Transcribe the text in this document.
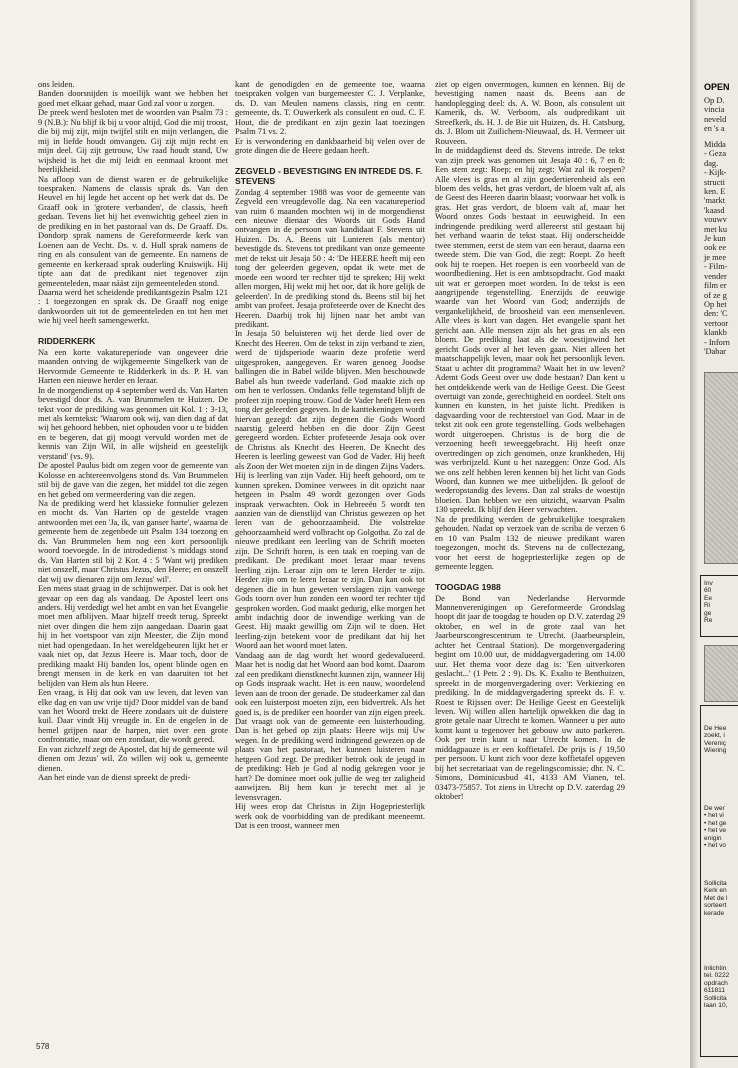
ons leiden.

Banden doorsnijden is moeilijk want we hebben het goed met elkaar gehad, maar God zal voor u zorgen.

De preek werd besloten met de woorden van Psalm 73 : 9 (N.B.): Nu blijf ik bij u voor altijd, God die mij troost, die bij mij zijt, mijn twijfel stilt en mijn verlangen, die mij in liefde houdt omvangen. Gij zijt mijn recht en mijn deel. Gij zijt getrouw, Uw raad houdt stand, Uw wijsheid is het die mij leidt en eenmaal kroont met heerlijkheid.

Na afloop van de dienst waren er de gebruikelijke toespraken. Namens de classis sprak ds. Van den Heuvel en hij legde het accent op het werk dat ds. De Graaff ook in 'grotere verbanden', de classis, heeft gedaan. Tevens liet hij het evenwichtig geheel zien in de prediking en in het pastoraal van ds. De Graaff. Ds. Dondorp sprak namens de Gereformeerde kerk van Loenen aan de Vecht. Ds. v. d. Hull sprak namens de ring en als consulent van de gemeente. En namens de gemeente en kerkeraad sprak ouderling Kruiswijk. Hij tipte aan dat de predikant niet tegenover zijn gemeenteleden, maar náást zijn gemeenteleden stond.

Daarna werd het scheidende predikantsgezin Psalm 121 : 1 toegezongen en sprak ds. De Graaff nog enige dankwoorden uit tot de gemeenteleden en tot hen met wie hij veel heeft samengewerkt.

RIDDERKERK

Na een korte vakatureperiode van ongeveer drie maanden ontving de wijkgemeente Singelkerk van de Hervormde Gemeente te Ridderkerk in ds. P. H. van Harten een nieuwe herder en leraar.

In de morgendienst op 4 september werd ds. Van Harten bevestigd door ds. A. van Brummelen te Huizen. De tekst voor de prediking was genomen uit Kol. 1 : 3-13, met als kerntekst: 'Waarom ook wij, van dien dag af dat wij het gehoord hebben, niet ophouden voor u te bidden en te begeren, dat gij moogt vervuld worden met de kennis van Zijn Wil, in alle wijsheid en geestelijk verstand' (vs. 9).

De apostel Paulus bidt om zegen voor de gemeente van Kolosse en achtereenvolgens stond ds. Van Brummelen stil bij de gave van die zegen, het middel tot die zegen en het gebed om vermeerdering van die zegen.

Na de prediking werd het klassieke formulier gelezen en mocht ds. Van Harten op de gestelde vragen antwoorden met een 'Ja, ik, van ganser harte', waarna de gemeente hem de zegenbede uit Psalm 134 toezong en ds. Van Brummelen hem nog een kort persoonlijk woord toevoegde. In de introdedienst 's middags stond ds. Van Harten stil bij 2 Kor. 4 : 5 'Want wij prediken niet onszelf, maar Christus Jezus, den Heere; en onszelf dat wij uw dienaren zijn om Jezus' wil'.

Een mens staat graag in de schijnwerper. Dat is ook het gevaar op een dag als vandaag. De Apostel leert ons anders. Hij verdedigt wel het ambt en van het Evangelie moet men afblijven. Maar hijzelf treedt terug. Spreekt niet over dingen die hem zijn aangedaan. Daarin gaat hij in het voetspoor van zijn Meester, die Zijn mond niet had opengedaan. In het wereldgebeuren lijkt het er vaak niet op, dat Jezus Heere is. Maar toch, door de prediking maakt Hij banden los, opent blinde ogen en brengt mensen in de kerk en van daaruiten tot het belijden van Hem als hun Heere.

Een vraag, is Hij dat ook van uw leven, dat leven van elke dag en van uw vrije tijd? Door middel van de band van het Woord trekt de Heere zondaars uit de duistere kuil. Daar vindt Hij vreugde in. En de engelen in de hemel grijpen naar de harpen, niet over een grote confrontatie, maar om een zondaar, die wordt gered.

En van zichzelf zegt de Apostel, dat hij de gemeente wil dienen om Jezus' wil. Zo willen wij ook u, gemeente dienen.

Aan het einde van de dienst spreekt de predi-

kant de genodigden en de gemeente toe, waarna toespraken volgen van burgemeester C. J. Verplanke, ds. D. van Meulen namens classis, ring en centr. gemeente, ds. T. Ouwerkerk als consulent en oud. C. F. Hout, die de predikant en zijn gezin laat toezingen Psalm 71 vs. 2.

Er is verwondering en dankbaarheid bij velen over de grote dingen die de Heere gedaan heeft.

ZEGVELD - BEVESTIGING EN INTREDE DS. F. STEVENS

Zondag 4 september 1988 was voor de gemeente van Zegveld een vreugdevolle dag. Na een vacatureperiod van ruim 6 maanden mochten wij in de morgendienst een nieuwe dienaar des Woords uit Gods Hand ontvangen in de persoon van kandidaat F. Stevens uit Huizen. Ds. A. Beens uit Lunteren (als mentor) bevestigde ds. Stevens tot predikant van onze gemeente met de tekst uit Jesaja 50 : 4: 'De HEERE heeft mij een tong der geleerden gegeven, opdat ik wete met de moede een woord ter rechter tijd te spreken; Hij wekt allen morgen, Hij wekt mij het oor, dat ik hore gelijk de geleerden'. In de prediking stond ds. Beens stil bij het ambt van profeet. Jesaja profeteerde over de Knecht des Heeren. Daarbij trok hij lijnen naar het ambt van predikant.

In Jesaja 50 beluisteren wij het derde lied over de Knecht des Heeren. Om de tekst in zijn verband te zien, werd de tijdsperiode waarin deze profetie werd uitgesproken, aangegeven. Er waren genoeg Joodse ballingen die in Babel wilde blijven. Men beschouwde Babel als hun tweede vaderland. God maakte zich op om hen te verlossen. Ondanks felle tegenstand blijft de profeet zijn roeping trouw. God de Vader heeft Hem een tong der geleerden gegeven. In de kanttekeningen wordt hiervan gezegd: dat zijn degenen die Gods Woord naarstig geleerd hebben en die door Zijn Geest geregeerd worden. Echter profeteerde Jesaja ook over de Christus als Knecht des Heeren. De Knecht des Heeren is leerling geweest van God de Vader. Hij heeft als Zoon der Wet moeten zijn in de dingen Zijns Vaders. Hij is leerling van zijn Vader. Hij heeft gehoord, om te kunnen spreken. Dominee verwees in dit opzicht naar hetgeen in Psalm 49 wordt gezongen over Gods inspraak verwachten. Ook in Hebreeën 5 wordt ten aanzien van de dienstlijd van Christus gewezen op het leren van de gehoorzaamheid. Die volstrekte gehoorzaamheid werd volbracht op Golgotha. Zo zal de nieuwe predikant een leerling van de Schrift moeten zijn. De Schrift horen, is een taak en roeping van de predikant. De predikant moet leraar maar tevens leerling zijn. Leraar zijn om te leren Herder te zijn. Herder zijn om te leren leraar te zijn. Dan kan ook tot degenen die in hun geweten verslagen zijn vanwege Gods toorn over hun zonden een woord ter rechter tijd gesproken worden. God maakt gedurig, elke morgen het ambt indachtig door de inwendige werking van de Geest. Hij maakt gewillig om Zijn wil te doen. Het leerling-zijn betekent voor de predikant dat hij het Woord aan het woord moet laten.

Vandaag aan de dag wordt het woord gedevalueerd. Maar het is nodig dat het Woord aan bod komt. Daarom zal een predikant dienstknecht kunnen zijn, wanneer Hij op Gods inspraak wacht. Het is een nauw, woordelend leven aan de troon der genade. De studeerkamer zal dan ook een luisterpost moeten zijn, een bidvertrek. Als het goed is, is de prediker een hoorder van zijn eigen preek. Dat vraagt ook van de gemeente een luisterhouding. Dan is het gebed op zijn plaats: Heere wijs mij Uw wegen. In de prediking werd indringend gewezen op de plaats van het pastoraat, het kunnen luisteren naar hetgeen God zegt. De prediker betrok ook de jeugd in de prediking: Heb je God al nodig gekregen voor je hart? De dominee moet ook jullie de weg ter zaligheid aanwijzen. Bij hem kun je terecht met al je levensvragen.

Hij wees erop dat Christus in Zijn Hogepriesterlijk werk ook de voorbidding van de predikant meeneemt. Dat is een troost, wanneer men

ziet op eigen onvermogen, kunnen en kennen. Bij de bevestiging namen naast ds. Beens aan de handoplegging deel: ds. A. W. Boon, als consulent uit Kamerik, ds. W. Verboom, als oudpredikant uit Streefkerk, ds. H. J. de Bie uit Huizen, ds. H. Catsburg, ds. J. Blom uit Zuilichem-Nieuwaal, ds. H. Vermeer uit Rouveen.

In de middagdienst deed ds. Stevens intrede. De tekst van zijn preek was genomen uit Jesaja 40 : 6, 7 en 8: Een stem zegt: Roep; en hij zegt: Wat zal ik roepen? Alle vlees is gras en al zijn goedertierenheid als een bloem des velds, het gras verdort, de bloem valt af, als de Geest des Heeren daarin blaast; voorwaar het volk is gras. Het gras verdort, de bloem valt af, maar het Woord onzes Gods bestaat in eeuwigheid. In een indringende prediking werd allereerst stil gestaan bij het verband waarin de tekst staat. Hij onderscheidde twee stemmen, eerst de stem van een heraut, daarna een tweede stem. Die van God, die zegt: Roept. Zo heeft ook hij te roepen. Het roepen is een voorbeeld van de woordbediening. Het is een ambtsopdracht. God maakt uit wat er geroepen moet worden. In de tekst is een aangrijpende tegenstelling. Enerzijds de eeuwige waarde van het Woord van God; anderzijds de vergankelijkheid, de broosheid van een mensenleven. Alle vlees is kort van dagen. Het evangelie spant het gericht aan. Alle mensen zijn als het gras en als een bloem. De prediking laat als de woestijnwind het gericht Gods over al het leven gaan. Niet alleen het maatschappelijk leven, maar ook het persoonlijk leven. Staat u achter dit programma? Waait het in uw leven? Ademt Gods Geest over uw dode bestaan? Dan kent u het ontdekkende werk van de Heilige Geest. Die Geest overtuigt van zonde, gerechtigheid en oordeel. Stelt ons kunnen en kunsten, in het juiste licht. Prediken is dagvaarding voor de rechterstoel van God. Maar in de tekst zit ook een grote tegenstelling. Gods welbehagen wordt uitgeroepen. Christus is de borg die de verzoening heeft teweeggebracht. Hij heeft onze overtredingen op zich genomen, onze krankheden, Hij was verbrijzeld. Kunt u het nazeggen: Onze God. Als we ons zelf hebben leren kennen bij het licht van Gods Woord, dan kunnen we mee uitbelijden. Ik geloof de wederopstandig des levens. Dan zal straks de woestijn bloeien. Dan hebben we een uitzicht, waarvan Psalm 130 spreekt. Ik blijf den Heer verwachten.

Na de prediking werden de gebruikelijke toespraken gehouden. Nadat op verzoek van de scriba de verzen 6 en 10 van Psalm 132 de nieuwe predikant waren toegezongen, mocht ds. Stevens na de collectezang, voor het eerst de hogepriesterlijke zegen op de gemeente leggen.

TOOGDAG 1988

De Bond van Nederlandse Hervormde Mannenverenigingen op Gereformeerde Grondslag hoopt dit jaar de toogdag te houden op D.V. zaterdag 29 oktober, en wel in de grote zaal van het Jaarbeurscongrescentrum te Utrecht. (Jaarbeursplein, achter het Centraal Station). De morgenvergadering begint om 10.00 uur, de middagvergadering om 14.00 uur. Het thema voor deze dag is: 'Een uitverkoren geslacht...' (1 Petr. 2 : 9). Ds. K. Exalto te Benthuizen, spreekt in de morgenvergadering over: Verkiezing en prediking. In de middagvergadering spreekt ds. F. v. Roest te Rijssen over: De Heilige Geest en Geestelijk leven. Wij willen allen hartelijk opwekken die dag in grote getale naar Utrecht te komen. Wanneer u per auto komt kunt u tegenover het gebouw uw auto parkeren. Ook per trein kunt u naar Utrecht komen. In de middagpauze is er een koffietafel. De prijs is ƒ 19,50 per persoon. U kunt zich voor deze koffietafel opgeven bij het secretariaat van de regelingscomissie; dhr. N. C. Simons, Dominicusbud 41, 4133 AM Vianen, tel. 03473-75857. Tot ziens in Utrecht op D.V. zaterdag 29 oktober!

578
OPEN
Op D.
vincia
neveld
en 's a
Midda
- Geza
dag.
- Kijk-
structi
ken. E
'markt
'kaasd
vouwv
met ku
Je kun
ook ee
je mee
- Film-
vender
film er
of ze g
Op het
den: 'C
vertoor
klankb
- Inforn
'Dabar
Inv
60
Ee
Ri
ge
Re
De Hee
zoekt, i
Vereniç
Wiering
De wer
• het vi
• het ge
• het ve
enigin
• het vo
Sollicita
Kerk en
Met de l
sorteert
kerade
Inlichtin
tel. 0222
opdrach
611811
Sollicita
laan 10,
